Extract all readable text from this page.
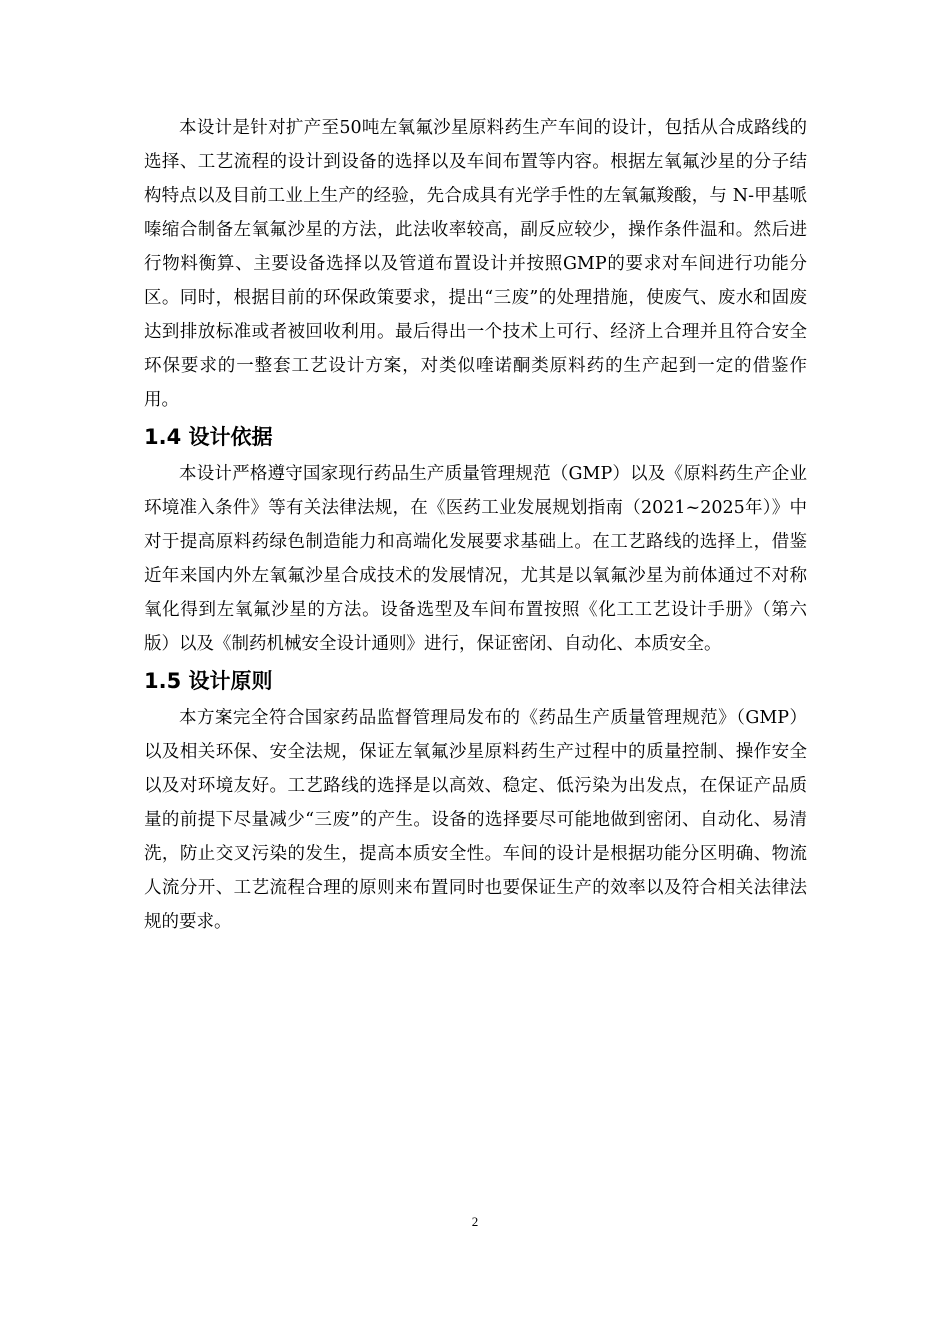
本设计是针对扩产至50吨左氧氟沙星原料药生产车间的设计，包括从合成路线的选择、工艺流程的设计到设备的选择以及车间布置等内容。根据左氧氟沙星的分子结构特点以及目前工业上生产的经验，先合成具有光学手性的左氧氟羧酸，与 N-甲基哌嗪缩合制备左氧氟沙星的方法，此法收率较高，副反应较少，操作条件温和。然后进行物料衡算、主要设备选择以及管道布置设计并按照GMP的要求对车间进行功能分区。同时，根据目前的环保政策要求，提出“三废”的处理措施，使废气、废水和固废达到排放标准或者被回收利用。最后得出一个技术上可行、经济上合理并且符合安全环保要求的一整套工艺设计方案，对类似喹诺酮类原料药的生产起到一定的借鉴作用。

1.4 设计依据

本设计严格遵守国家现行药品生产质量管理规范（GMP）以及《原料药生产企业环境准入条件》等有关法律法规，在《医药工业发展规划指南（2021~2025年）》中对于提高原料药绿色制造能力和高端化发展要求基础上。在工艺路线的选择上，借鉴近年来国内外左氧氟沙星合成技术的发展情况，尤其是以氧氟沙星为前体通过不对称氧化得到左氧氟沙星的方法。设备选型及车间布置按照《化工工艺设计手册》（第六版）以及《制药机械安全设计通则》进行，保证密闭、自动化、本质安全。

1.5 设计原则

本方案完全符合国家药品监督管理局发布的《药品生产质量管理规范》（GMP）以及相关环保、安全法规，保证左氧氟沙星原料药生产过程中的质量控制、操作安全以及对环境友好。工艺路线的选择是以高效、稳定、低污染为出发点，在保证产品质量的前提下尽量减少“三废”的产生。设备的选择要尽可能地做到密闭、自动化、易清洗，防止交叉污染的发生，提高本质安全性。车间的设计是根据功能分区明确、物流人流分开、工艺流程合理的原则来布置同时也要保证生产的效率以及符合相关法律法规的要求。

2
